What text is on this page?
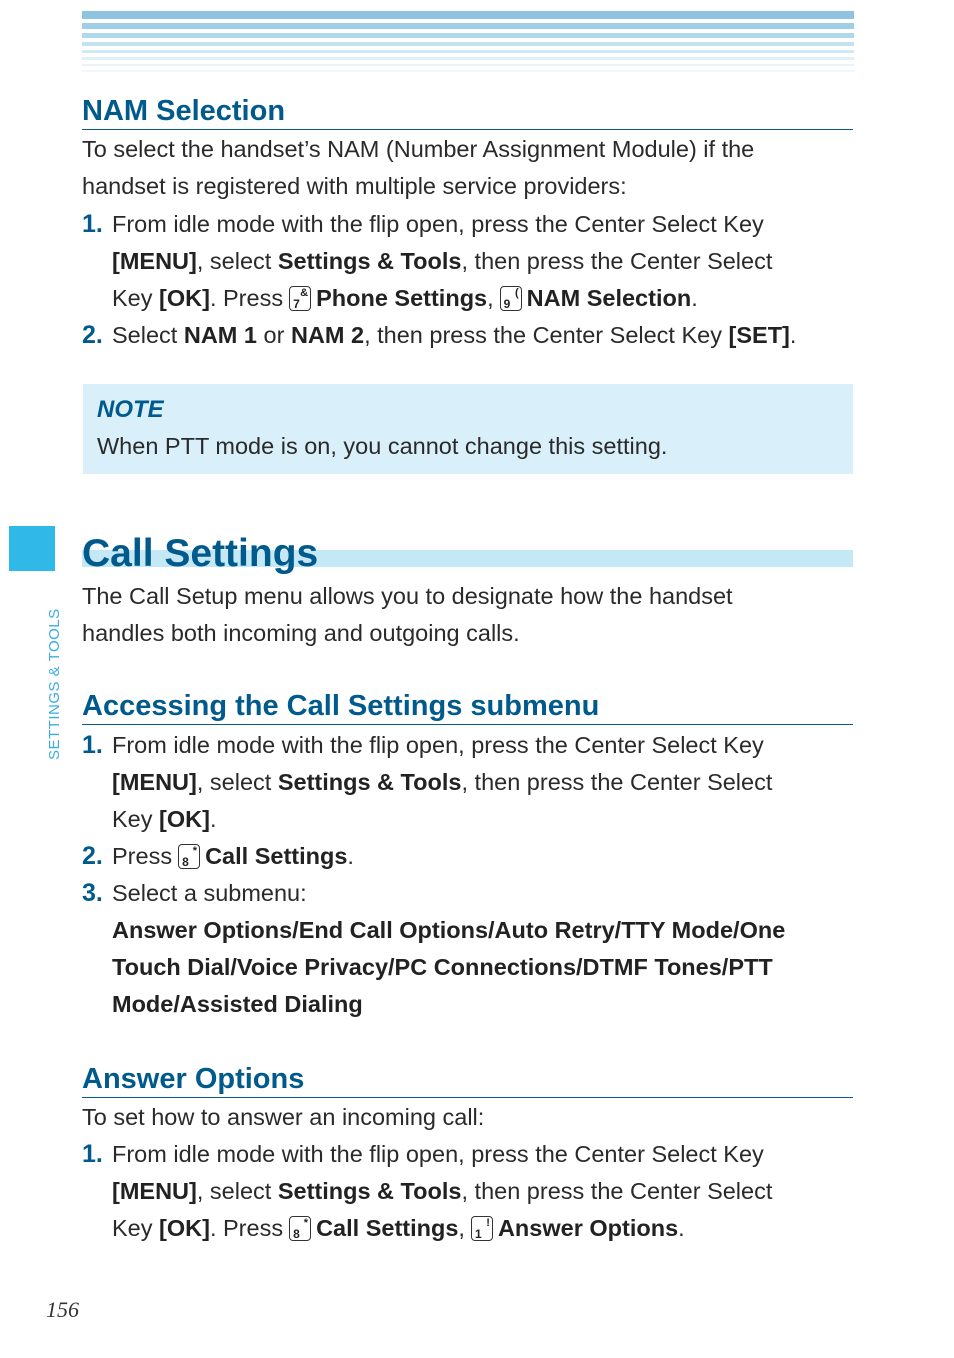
NAM Selection
To select the handset’s NAM (Number Assignment Module) if the
handset is registered with multiple service providers:
1. From idle mode with the flip open, press the Center Select Key
[MENU], select Settings & Tools, then press the Center Select
Key [OK]. Press &
7 Phone Settings, (
9 NAM Selection.
2. Select NAM 1 or NAM 2, then press the Center Select Key [SET].
NOTE
When PTT mode is on, you cannot change this setting.
SETTINGS & TOOLS
Call Settings
The Call Setup menu allows you to designate how the handset
handles both incoming and outgoing calls.
Accessing the Call Settings submenu
1. From idle mode with the flip open, press the Center Select Key
[MENU], select Settings & Tools, then press the Center Select
Key [OK].
2. Press *
8 Call Settings.
3. Select a submenu:
Answer Options/End Call Options/Auto Retry/TTY Mode/One
Touch Dial/Voice Privacy/PC Connections/DTMF Tones/PTT
Mode/Assisted Dialing
Answer Options
To set how to answer an incoming call:
1. From idle mode with the flip open, press the Center Select Key
[MENU], select Settings & Tools, then press the Center Select
Key [OK]. Press *
8 Call Settings, !
1 Answer Options.
156
